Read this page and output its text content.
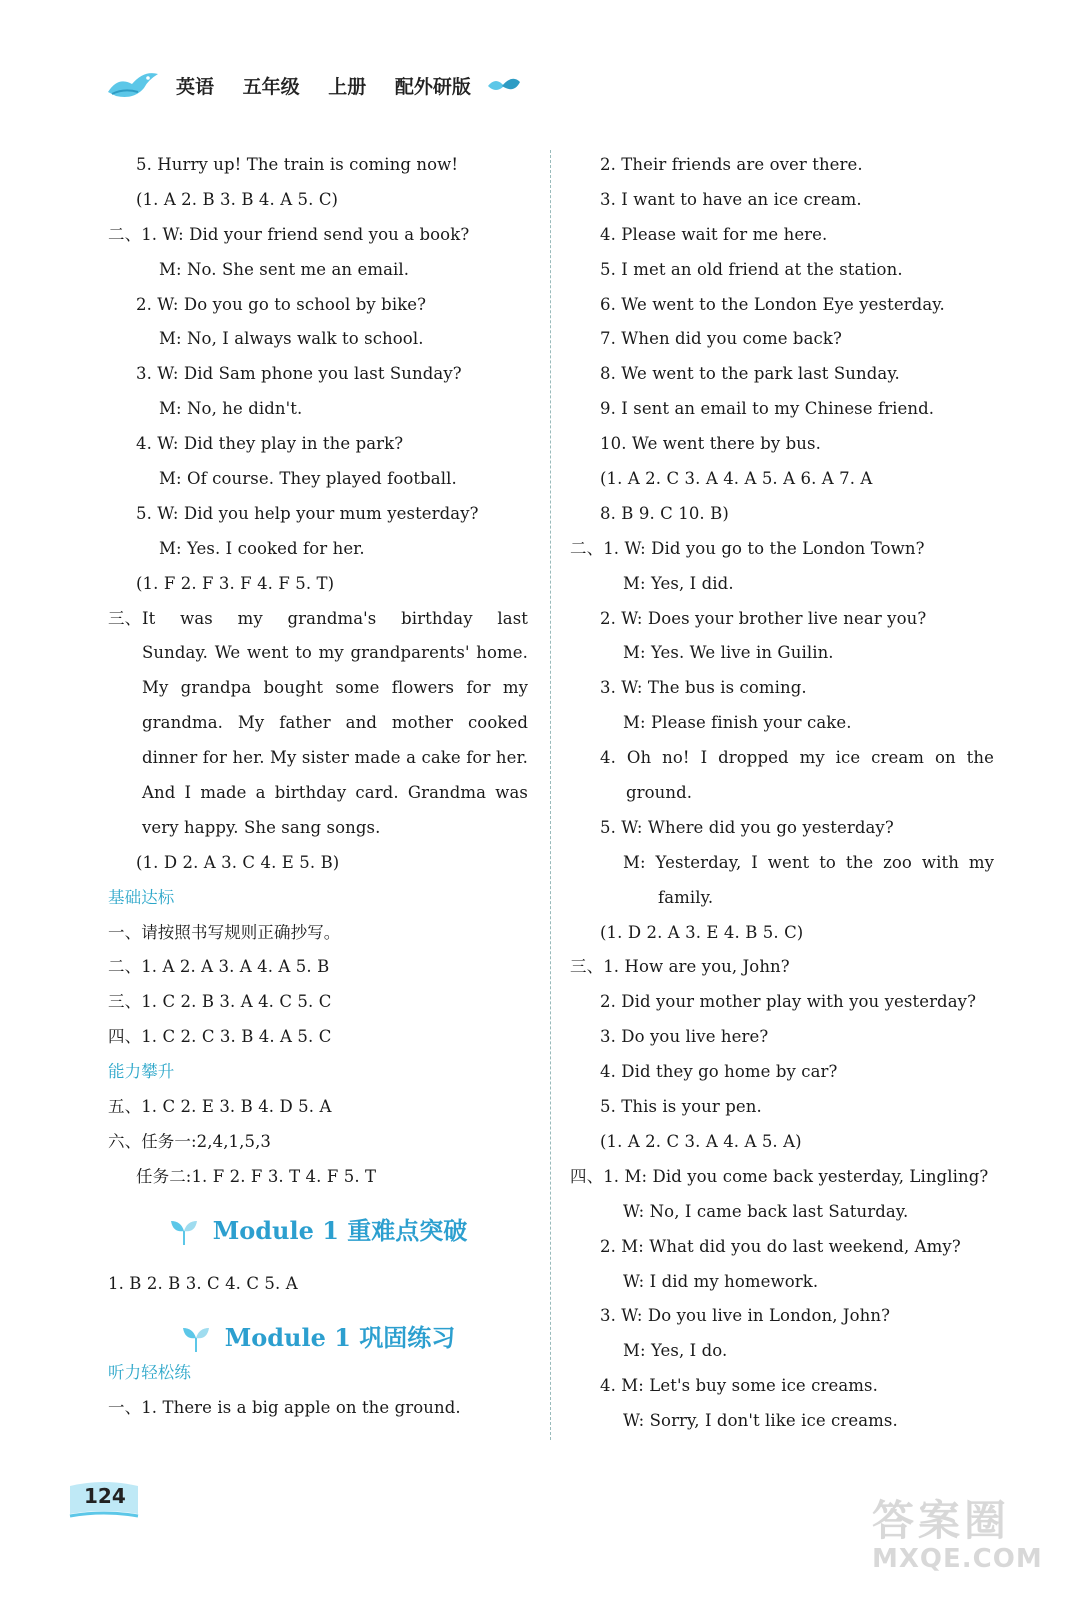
英语 五年级 上册 配外研版
5. Hurry up! The train is coming now!
(1. A 2. B 3. B 4. A 5. C)
二、1. W: Did your friend send you a book?
M: No. She sent me an email.
2. W: Do you go to school by bike?
M: No, I always walk to school.
3. W: Did Sam phone you last Sunday?
M: No, he didn't.
4. W: Did they play in the park?
M: Of course. They played football.
5. W: Did you help your mum yesterday?
M: Yes. I cooked for her.
(1. F 2. F 3. F 4. F 5. T)
三、 It was my grandma's birthday last
Sunday. We went to my grandparents' home.
My grandpa bought some flowers for my
grandma. My father and mother cooked
dinner for her. My sister made a cake for her.
And I made a birthday card. Grandma was
very happy. She sang songs.
(1. D 2. A 3. C 4. E 5. B)
基础达标
一、请按照书写规则正确抄写。
二、1. A 2. A 3. A 4. A 5. B
三、1. C 2. B 3. A 4. C 5. C
四、1. C 2. C 3. B 4. A 5. C
能力攀升
五、1. C 2. E 3. B 4. D 5. A
六、任务一:2,4,1,5,3
任务二:1. F 2. F 3. T 4. F 5. T
Module 1 重难点突破
1. B 2. B 3. C 4. C 5. A
Module 1 巩固练习
听力轻松练
一、1. There is a big apple on the ground.
2. Their friends are over there.
3. I want to have an ice cream.
4. Please wait for me here.
5. I met an old friend at the station.
6. We went to the London Eye yesterday.
7. When did you come back?
8. We went to the park last Sunday.
9. I sent an email to my Chinese friend.
10. We went there by bus.
(1. A 2. C 3. A 4. A 5. A 6. A 7. A
8. B 9. C 10. B)
二、1. W: Did you go to the London Town?
M: Yes, I did.
2. W: Does your brother live near you?
M: Yes. We live in Guilin.
3. W: The bus is coming.
M: Please finish your cake.
4. Oh no! I dropped my ice cream on the
ground.
5. W: Where did you go yesterday?
M: Yesterday, I went to the zoo with my
family.
(1. D 2. A 3. E 4. B 5. C)
三、1. How are you, John?
2. Did your mother play with you yesterday?
3. Do you live here?
4. Did they go home by car?
5. This is your pen.
(1. A 2. C 3. A 4. A 5. A)
四、1. M: Did you come back yesterday, Lingling?
W: No, I came back last Saturday.
2. M: What did you do last weekend, Amy?
W: I did my homework.
3. W: Do you live in London, John?
M: Yes, I do.
4. M: Let's buy some ice creams.
W: Sorry, I don't like ice creams.
124	答案圈
MXQE.COM
